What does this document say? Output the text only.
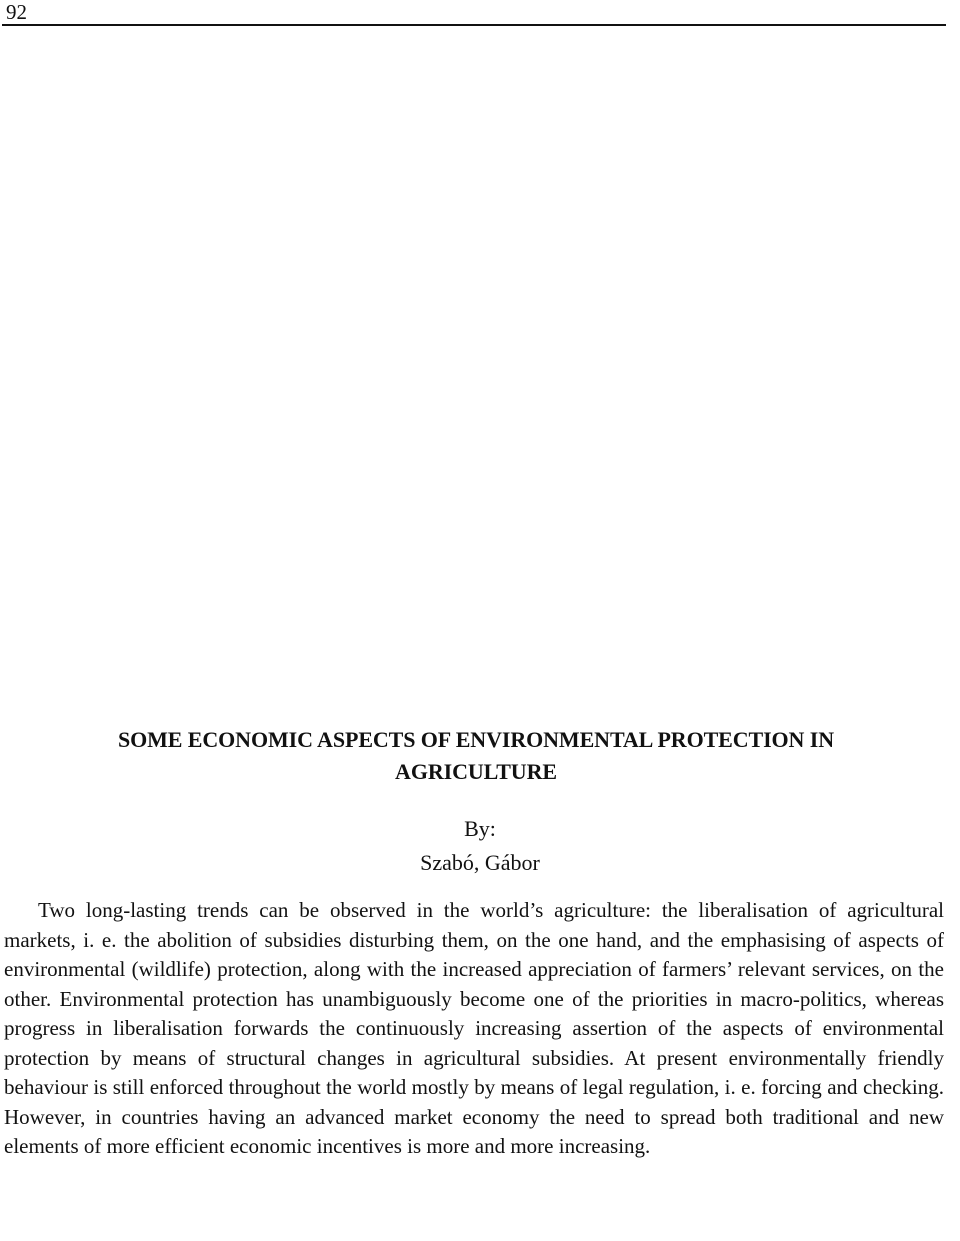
92
SOME ECONOMIC ASPECTS OF ENVIRONMENTAL PROTECTION IN
AGRICULTURE
By:
Szabó, Gábor

Two long-lasting trends can be observed in the world’s agriculture: the liberalisation of agricultural markets, i. e. the abolition of subsidies disturbing them, on the one hand, and the emphasising of aspects of environmental (wildlife) protection, along with the increased appreciation of farmers’ relevant services, on the other. Environmental protection has unambiguously become one of the priorities in macro-politics, whereas progress in liberalisation forwards the continuously increasing assertion of the aspects of environmental protection by means of structural changes in agricultural subsidies. At present environmentally friendly behaviour is still enforced throughout the world mostly by means of legal regulation, i. e. forcing and checking. However, in countries having an advanced market economy the need to spread both traditional and new elements of more efficient economic incentives is more and more increasing.
